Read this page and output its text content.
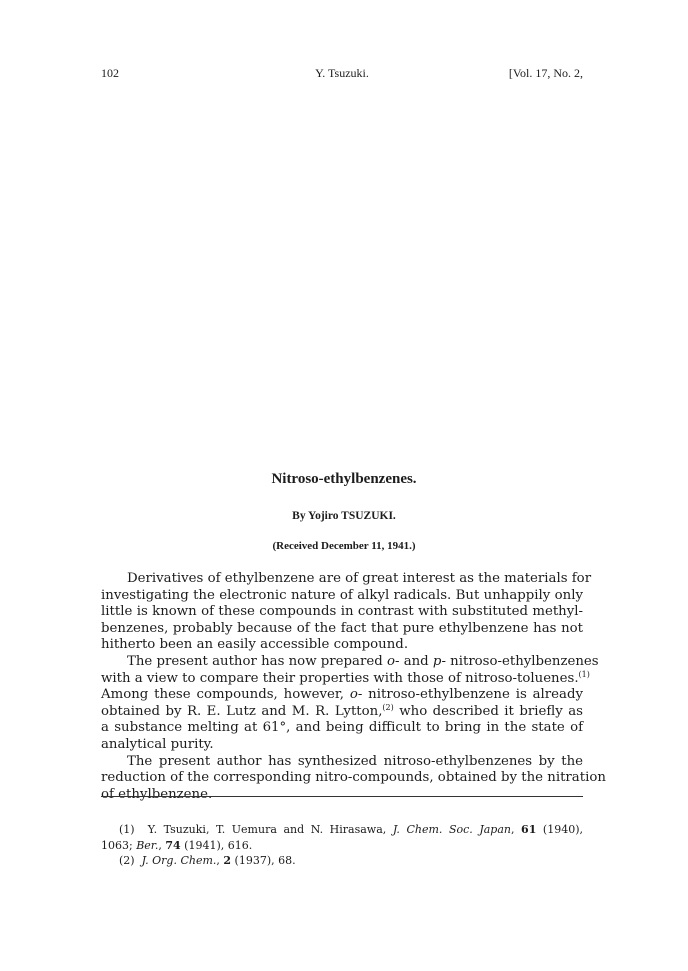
102	Y. Tsuzuki.	[Vol. 17, No. 2,
Nitroso-ethylbenzenes.
By Yojiro TSUZUKI.
(Received December 11, 1941.)
Derivatives of ethylbenzene are of great interest as the materials for
investigating the electronic nature of alkyl radicals. But unhappily only
little is known of these compounds in contrast with substituted methyl-
benzenes, probably because of the fact that pure ethylbenzene has not
hitherto been an easily accessible compound.
The present author has now prepared o- and p- nitroso-ethylbenzenes
with a view to compare their properties with those of nitroso-toluenes.$^{(1)}$
Among these compounds, however, o- nitroso-ethylbenzene is already
obtained by R. E. Lutz and M. R. Lytton,$^{(2)}$ who described it briefly as
a substance melting at 61°, and being difficult to bring in the state of
analytical purity.
The present author has synthesized nitroso-ethylbenzenes by the
reduction of the corresponding nitro-compounds, obtained by the nitration
of ethylbenzene.
(1) Y. Tsuzuki, T. Uemura and N. Hirasawa, J. Chem. Soc. Japan, 61 (1940),
1063; Ber., 74 (1941), 616.
(2) J. Org. Chem., 2 (1937), 68.
